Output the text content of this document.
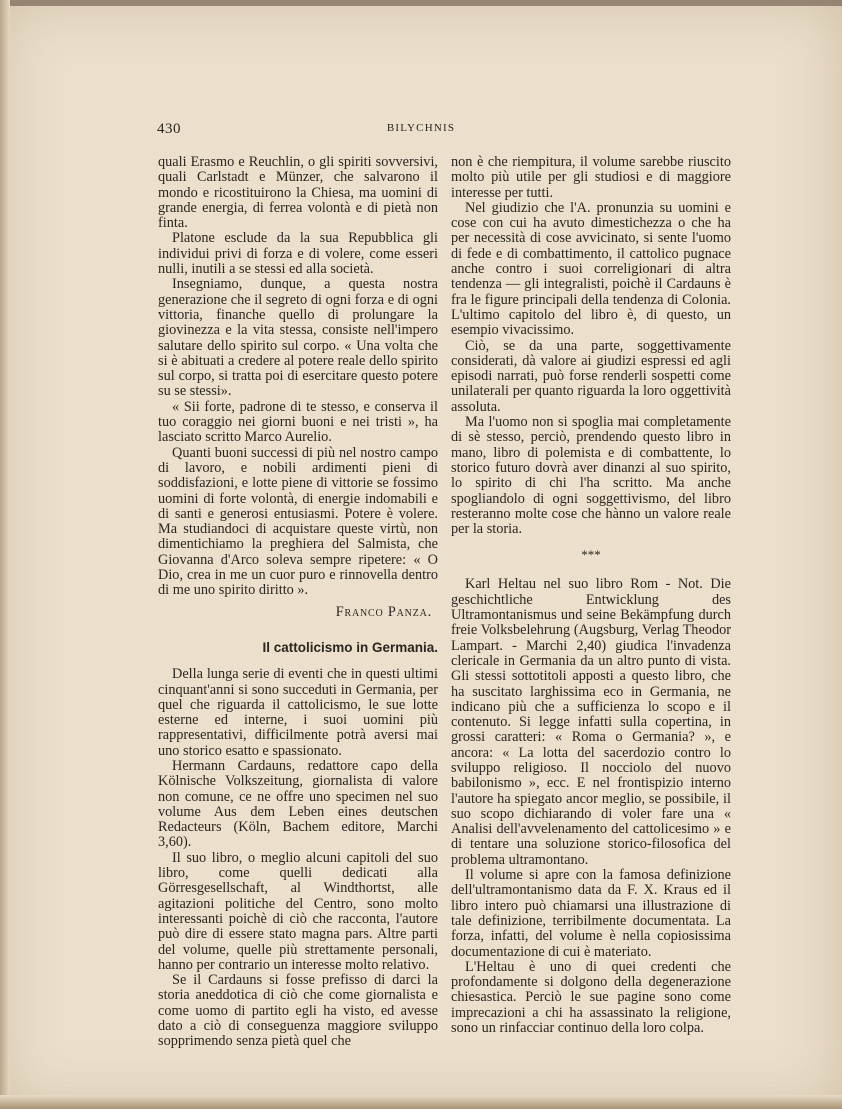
430	BILYCHNIS

quali Erasmo e Reuchlin, o gli spiriti sovversivi, quali Carlstadt e Münzer, che salvarono il mondo e ricostituirono la Chiesa, ma uomini di grande energia, di ferrea volontà e di pietà non finta.

Platone esclude da la sua Repubblica gli individui privi di forza e di volere, come esseri nulli, inutili a se stessi ed alla società.

Insegniamo, dunque, a questa nostra generazione che il segreto di ogni forza e di ogni vittoria, finanche quello di prolungare la giovinezza e la vita stessa, consiste nell'impero salutare dello spirito sul corpo. « Una volta che si è abituati a credere al potere reale dello spirito sul corpo, si tratta poi di esercitare questo potere su se stessi».

« Sii forte, padrone di te stesso, e conserva il tuo coraggio nei giorni buoni e nei tristi », ha lasciato scritto Marco Aurelio.

Quanti buoni successi di più nel nostro campo di lavoro, e nobili ardimenti pieni di soddisfazioni, e lotte piene di vittorie se fossimo uomini di forte volontà, di energie indomabili e di santi e generosi entusiasmi. Potere è volere. Ma studiandoci di acquistare queste virtù, non dimentichiamo la preghiera del Salmista, che Giovanna d'Arco soleva sempre ripetere: « O Dio, crea in me un cuor puro e rinnovella dentro di me uno spirito diritto ».

Franco Panza.
Il cattolicismo in Germania.

Della lunga serie di eventi che in questi ultimi cinquant'anni si sono succeduti in Germania, per quel che riguarda il cattolicismo, le sue lotte esterne ed interne, i suoi uomini più rappresentativi, difficilmente potrà aversi mai uno storico esatto e spassionato.

Hermann Cardauns, redattore capo della Kölnische Volkszeitung, giornalista di valore non comune, ce ne offre uno specimen nel suo volume Aus dem Leben eines deutschen Redacteurs (Köln, Bachem editore, Marchi 3,60).

Il suo libro, o meglio alcuni capitoli del suo libro, come quelli dedicati alla Görresgesellschaft, al Windthortst, alle agitazioni politiche del Centro, sono molto interessanti poichè di ciò che racconta, l'autore può dire di essere stato magna pars. Altre parti del volume, quelle più strettamente personali, hanno per contrario un interesse molto relativo.

Se il Cardauns si fosse prefisso di darci la storia aneddotica di ciò che come giornalista e come uomo di partito egli ha visto, ed avesse dato a ciò di conseguenza maggiore sviluppo sopprimendo senza pietà quel che

non è che riempitura, il volume sarebbe riuscito molto più utile per gli studiosi e di maggiore interesse per tutti.

Nel giudizio che l'A. pronunzia su uomini e cose con cui ha avuto dimestichezza o che ha per necessità di cose avvicinato, si sente l'uomo di fede e di combattimento, il cattolico pugnace anche contro i suoi correligionari di altra tendenza — gli integralisti, poichè il Cardauns è fra le figure principali della tendenza di Colonia. L'ultimo capitolo del libro è, di questo, un esempio vivacissimo.

Ciò, se da una parte, soggettivamente considerati, dà valore ai giudizi espressi ed agli episodi narrati, può forse renderli sospetti come unilaterali per quanto riguarda la loro oggettività assoluta.

Ma l'uomo non si spoglia mai completamente di sè stesso, perciò, prendendo questo libro in mano, libro di polemista e di combattente, lo storico futuro dovrà aver dinanzi al suo spirito, lo spirito di chi l'ha scritto. Ma anche spogliandolo di ogni soggettivismo, del libro resteranno molte cose che hànno un valore reale per la storia.

***

Karl Heltau nel suo libro Rom - Not. Die geschichtliche Entwicklung des Ultramontanismus und seine Bekämpfung durch freie Volksbelehrung (Augsburg, Verlag Theodor Lampart. - Marchi 2,40) giudica l'invadenza clericale in Germania da un altro punto di vista. Gli stessi sottotitoli apposti a questo libro, che ha suscitato larghissima eco in Germania, ne indicano più che a sufficienza lo scopo e il contenuto. Si legge infatti sulla copertina, in grossi caratteri: « Roma o Germania? », e ancora: « La lotta del sacerdozio contro lo sviluppo religioso. Il nocciolo del nuovo babilonismo », ecc. E nel frontispizio interno l'autore ha spiegato ancor meglio, se possibile, il suo scopo dichiarando di voler fare una « Analisi dell'avvelenamento del cattolicesimo » e di tentare una soluzione storico-filosofica del problema ultramontano.

Il volume si apre con la famosa definizione dell'ultramontanismo data da F. X. Kraus ed il libro intero può chiamarsi una illustrazione di tale definizione, terribilmente documentata. La forza, infatti, del volume è nella copiosissima documentazione di cui è materiato.

L'Heltau è uno di quei credenti che profondamente si dolgono della degenerazione chiesastica. Perciò le sue pagine sono come imprecazioni a chi ha assassinato la religione, sono un rinfacciar continuo della loro colpa.
